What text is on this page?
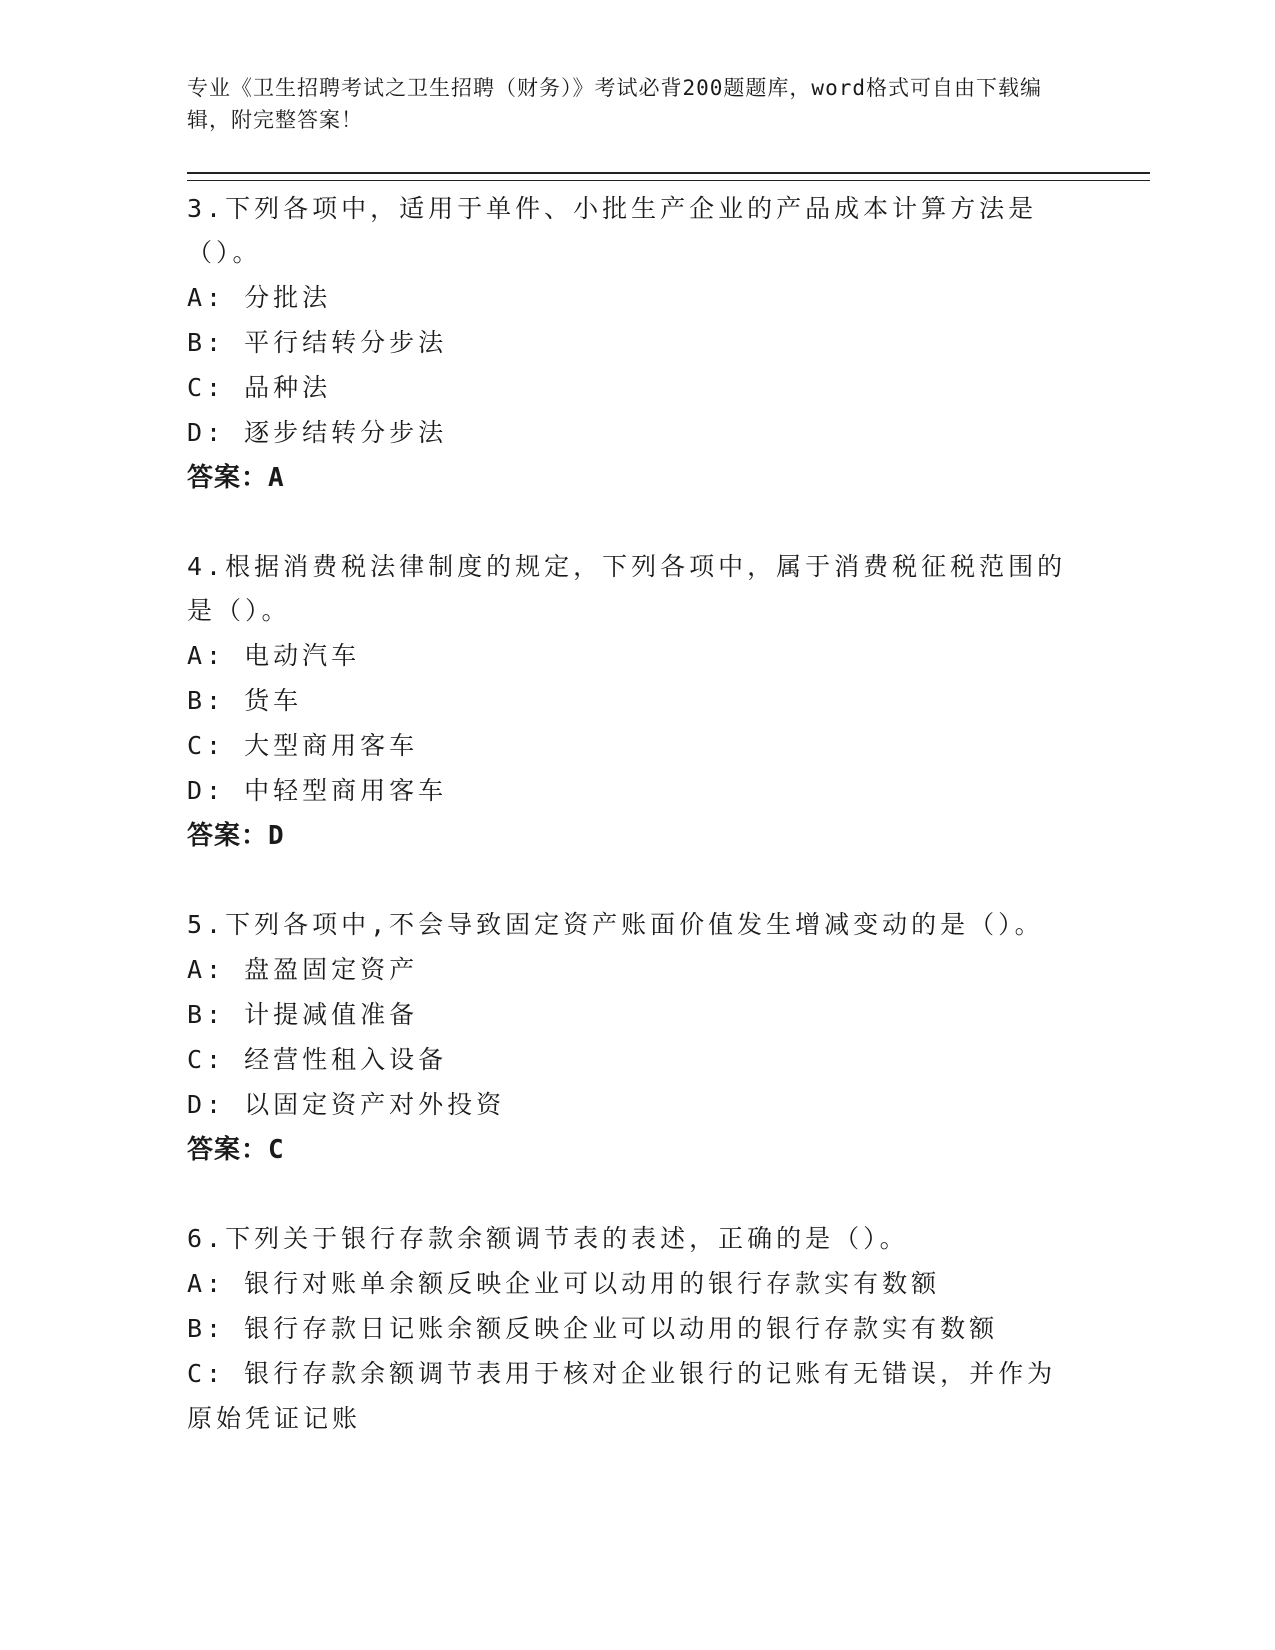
专业《卫生招聘考试之卫生招聘（财务）》考试必背200题题库，word格式可自由下载编辑，附完整答案！

3.下列各项中，适用于单件、小批生产企业的产品成本计算方法是（）。

A: 分批法

B: 平行结转分步法

C: 品种法

D: 逐步结转分步法

答案：A

4.根据消费税法律制度的规定，下列各项中，属于消费税征税范围的是（）。

A: 电动汽车

B: 货车

C: 大型商用客车

D: 中轻型商用客车

答案：D

5.下列各项中,不会导致固定资产账面价值发生增减变动的是（）。

A: 盘盈固定资产

B: 计提减值准备

C: 经营性租入设备

D: 以固定资产对外投资

答案：C

6.下列关于银行存款余额调节表的表述，正确的是（）。

A: 银行对账单余额反映企业可以动用的银行存款实有数额

B: 银行存款日记账余额反映企业可以动用的银行存款实有数额

C: 银行存款余额调节表用于核对企业银行的记账有无错误，并作为原始凭证记账
